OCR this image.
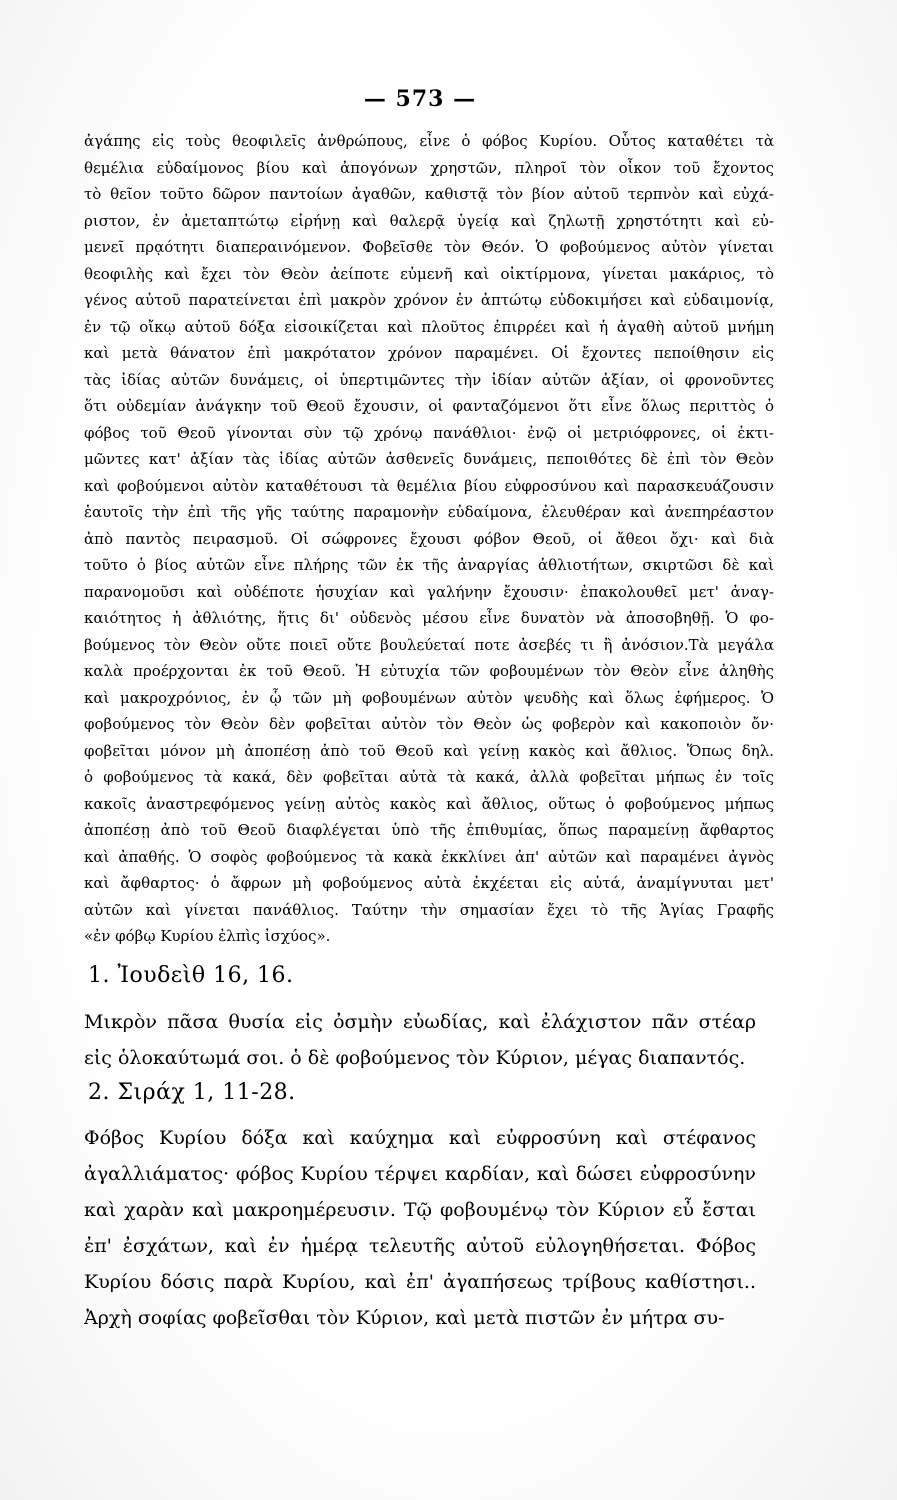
— 573 —

ἀγάπης εἰς τοὺς θεοφιλεῖς ἀνθρώπους, εἶνε ὁ φόβος Κυρίου. Οὗτος καταθέτει τὰ

θεμέλια εὐδαίμονος βίου καὶ ἀπογόνων χρηστῶν, πληροῖ τὸν οἶκον τοῦ ἔχοντος

τὸ θεῖον τοῦτο δῶρον παντοίων ἀγαθῶν, καθιστᾷ τὸν βίον αὐτοῦ τερπνὸν καὶ εὐχά-

ριστον, ἐν ἀμεταπτώτῳ εἰρήνῃ καὶ θαλερᾷ ὑγείᾳ καὶ ζηλωτῇ χρηστότητι καὶ εὐ-

μενεῖ πρᾳότητι διαπεραινόμενον. Φοβεῖσθε τὸν Θεόν. Ὁ φοβούμενος αὐτὸν γίνεται

θεοφιλὴς καὶ ἔχει τὸν Θεὸν ἀείποτε εὐμενῆ καὶ οἰκτίρμονα, γίνεται μακάριος, τὸ

γένος αὐτοῦ παρατείνεται ἐπὶ μακρὸν χρόνον ἐν ἀπτώτῳ εὐδοκιμήσει καὶ εὐδαιμονίᾳ,

ἐν τῷ οἴκῳ αὐτοῦ δόξα εἰσοικίζεται καὶ πλοῦτος ἐπιρρέει καὶ ἡ ἀγαθὴ αὐτοῦ μνήμη

καὶ μετὰ θάνατον ἐπὶ μακρότατον χρόνον παραμένει. Οἱ ἔχοντες πεποίθησιν εἰς

τὰς ἰδίας αὐτῶν δυνάμεις, οἱ ὑπερτιμῶντες τὴν ἰδίαν αὐτῶν ἀξίαν, οἱ φρονοῦντες

ὅτι οὐδεμίαν ἀνάγκην τοῦ Θεοῦ ἔχουσιν, οἱ φανταζόμενοι ὅτι εἶνε ὅλως περιττὸς ὁ

φόβος τοῦ Θεοῦ γίνονται σὺν τῷ χρόνῳ πανάθλιοι· ἐνῷ οἱ μετριόφρονες, οἱ ἐκτι-

μῶντες κατ' ἀξίαν τὰς ἰδίας αὐτῶν ἀσθενεῖς δυνάμεις, πεποιθότες δὲ ἐπὶ τὸν Θεὸν

καὶ φοβούμενοι αὐτὸν καταθέτουσι τὰ θεμέλια βίου εὐφροσύνου καὶ παρασκευάζουσιν

ἑαυτοῖς τὴν ἐπὶ τῆς γῆς ταύτης παραμονὴν εὐδαίμονα, ἐλευθέραν καὶ ἀνεπηρέαστον

ἀπὸ παντὸς πειρασμοῦ. Οἱ σώφρονες ἔχουσι φόβον Θεοῦ, οἱ ἄθεοι ὄχι· καὶ διὰ

τοῦτο ὁ βίος αὐτῶν εἶνε πλήρης τῶν ἐκ τῆς ἀναργίας ἀθλιοτήτων, σκιρτῶσι δὲ καὶ

παρανομοῦσι καὶ οὐδέποτε ἡσυχίαν καὶ γαλήνην ἔχουσιν· ἐπακολουθεῖ μετ' ἀναγ-

καιότητος ἡ ἀθλιότης, ἥτις δι' οὐδενὸς μέσου εἶνε δυνατὸν νὰ ἀποσοβηθῇ. Ὁ φο-

βούμενος τὸν Θεὸν οὔτε ποιεῖ οὔτε βουλεύεταί ποτε ἀσεβές τι ἢ ἀνόσιον.Τὰ μεγάλα

καλὰ προέρχονται ἐκ τοῦ Θεοῦ. Ἡ εὐτυχία τῶν φοβουμένων τὸν Θεὸν εἶνε ἀληθὴς

καὶ μακροχρόνιος, ἐν ᾧ τῶν μὴ φοβουμένων αὐτὸν ψευδὴς καὶ ὅλως ἐφήμερος. Ὁ

φοβούμενος τὸν Θεὸν δὲν φοβεῖται αὐτὸν τὸν Θεὸν ὡς φοβερὸν καὶ κακοποιὸν ὄν·

φοβεῖται μόνον μὴ ἀποπέσῃ ἀπὸ τοῦ Θεοῦ καὶ γείνῃ κακὸς καὶ ἄθλιος. Ὅπως δηλ.

ὁ φοβούμενος τὰ κακά, δὲν φοβεῖται αὐτὰ τὰ κακά, ἀλλὰ φοβεῖται μήπως ἐν τοῖς

κακοῖς ἀναστρεφόμενος γείνῃ αὐτὸς κακὸς καὶ ἄθλιος, οὕτως ὁ φοβούμενος μήπως

ἀποπέσῃ ἀπὸ τοῦ Θεοῦ διαφλέγεται ὑπὸ τῆς ἐπιθυμίας, ὅπως παραμείνῃ ἄφθαρτος

καὶ ἀπαθής. Ὁ σοφὸς φοβούμενος τὰ κακὰ ἐκκλίνει ἀπ' αὐτῶν καὶ παραμένει ἀγνὸς

καὶ ἄφθαρτος· ὁ ἄφρων μὴ φοβούμενος αὐτὰ ἐκχέεται εἰς αὐτά, ἀναμίγνυται μετ'

αὐτῶν καὶ γίνεται πανάθλιος. Ταύτην τὴν σημασίαν ἔχει τὸ τῆς Ἁγίας Γραφῆς

«ἐν φόβῳ Κυρίου ἐλπὶς ἰσχύος».

1. Ἰουδεὶθ 16, 16.

Μικρὸν πᾶσα θυσία εἰς ὀσμὴν εὐωδίας, καὶ ἐλάχιστον πᾶν στέαρ

εἰς ὁλοκαύτωμά σοι. ὁ δὲ φοβούμενος τὸν Κύριον, μέγας διαπαντός.

2. Σιράχ 1, 11-28.

Φόβος Κυρίου δόξα καὶ καύχημα καὶ εὐφροσύνη καὶ στέφανος

ἀγαλλιάματος· φόβος Κυρίου τέρψει καρδίαν, καὶ δώσει εὐφροσύνην

καὶ χαρὰν καὶ μακροημέρευσιν. Τῷ φοβουμένῳ τὸν Κύριον εὖ ἔσται

ἐπ' ἐσχάτων, καὶ ἐν ἡμέρᾳ τελευτῆς αὐτοῦ εὐλογηθήσεται. Φόβος

Κυρίου δόσις παρὰ Κυρίου, καὶ ἐπ' ἀγαπήσεως τρίβους καθίστησι..

Ἀρχὴ σοφίας φοβεῖσθαι τὸν Κύριον, καὶ μετὰ πιστῶν ἐν μήτρα συ-
